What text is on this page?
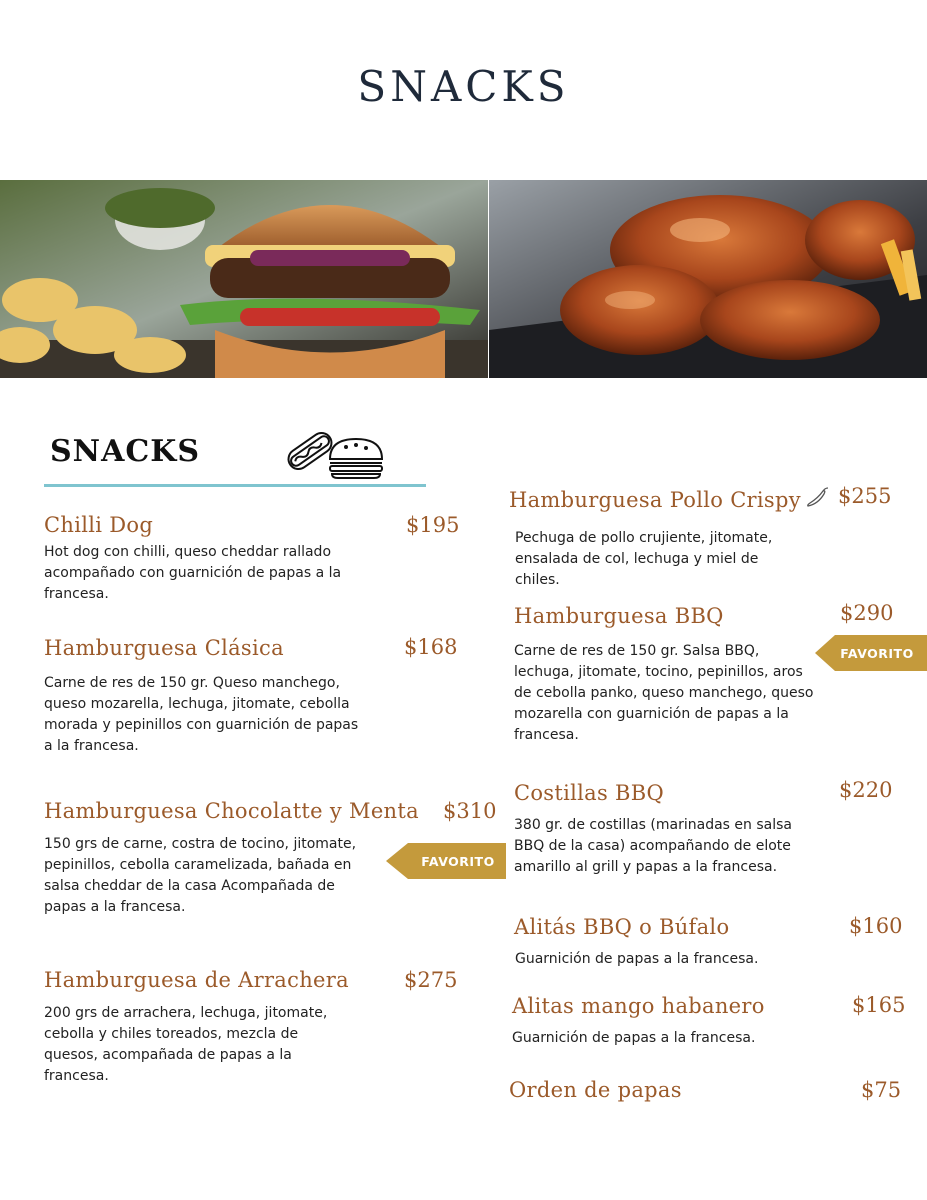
SNACKS
SNACKS
Chilli Dog	$195
Hot dog con chilli, queso cheddar rallado acompañado con guarnición de papas a la francesa.
Hamburguesa Clásica	$168
Carne de res de 150 gr. Queso manchego, queso mozarella, lechuga, jitomate, cebolla morada y pepinillos con guarnición de papas a la francesa.
Hamburguesa Chocolatte y Menta $310
150 grs de carne, costra de tocino, jitomate, pepinillos, cebolla caramelizada, bañada en salsa cheddar de la casa Acompañada de papas a la francesa.
FAVORITO
Hamburguesa de Arrachera	$275
200 grs de arrachera, lechuga, jitomate, cebolla y chiles toreados, mezcla de quesos, acompañada de papas a la francesa.
Hamburguesa Pollo Crispy $255
Pechuga de pollo crujiente, jitomate, ensalada de col, lechuga y miel de chiles.
Hamburguesa BBQ	$290
Carne de res de 150 gr. Salsa BBQ, lechuga, jitomate, tocino, pepinillos, aros de cebolla panko, queso manchego, queso mozarella con guarnición de papas a la francesa.
FAVORITO
Costillas BBQ	$220
380 gr. de costillas (marinadas en salsa BBQ de la casa) acompañando de elote amarillo al grill y papas a la francesa.
Alitás BBQ o Búfalo	$160
Guarnición de papas a la francesa.
Alitas mango habanero	$165
Guarnición de papas a la francesa.
Orden de papas	$75
